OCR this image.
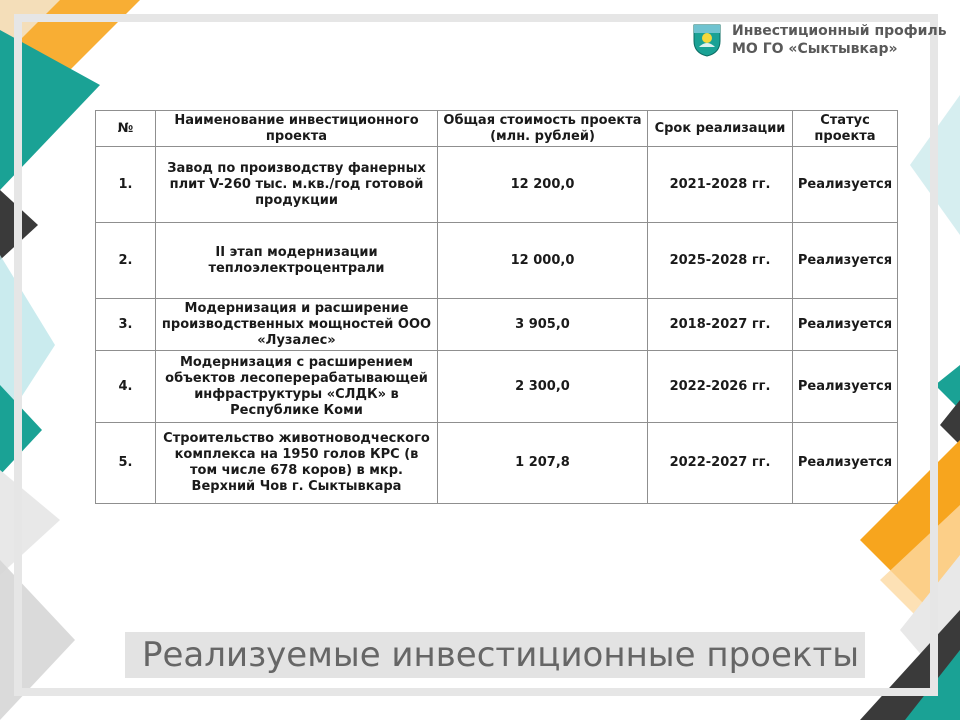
Инвестиционный профиль
МО ГО «Сыктывкар»
№	Наименование инвестиционного проекта	Общая стоимость проекта (млн. рублей)	Срок реализации	Статус проекта
1.	Завод по производству фанерных плит V-260 тыс. м.кв./год готовой продукции	12 200,0	2021-2028 гг.	Реализуется
2.	II этап модернизации теплоэлектроцентрали	12 000,0	2025-2028 гг.	Реализуется
3.	Модернизация и расширение производственных мощностей ООО «Лузалес»	3 905,0	2018-2027 гг.	Реализуется
4.	Модернизация с расширением объектов лесоперерабатывающей инфраструктуры «СЛДК» в Республике Коми	2 300,0	2022-2026 гг.	Реализуется
5.	Строительство животноводческого комплекса на 1950 голов КРС (в том числе 678 коров) в мкр. Верхний Чов г. Сыктывкара	1 207,8	2022-2027 гг.	Реализуется
Реализуемые инвестиционные проекты
